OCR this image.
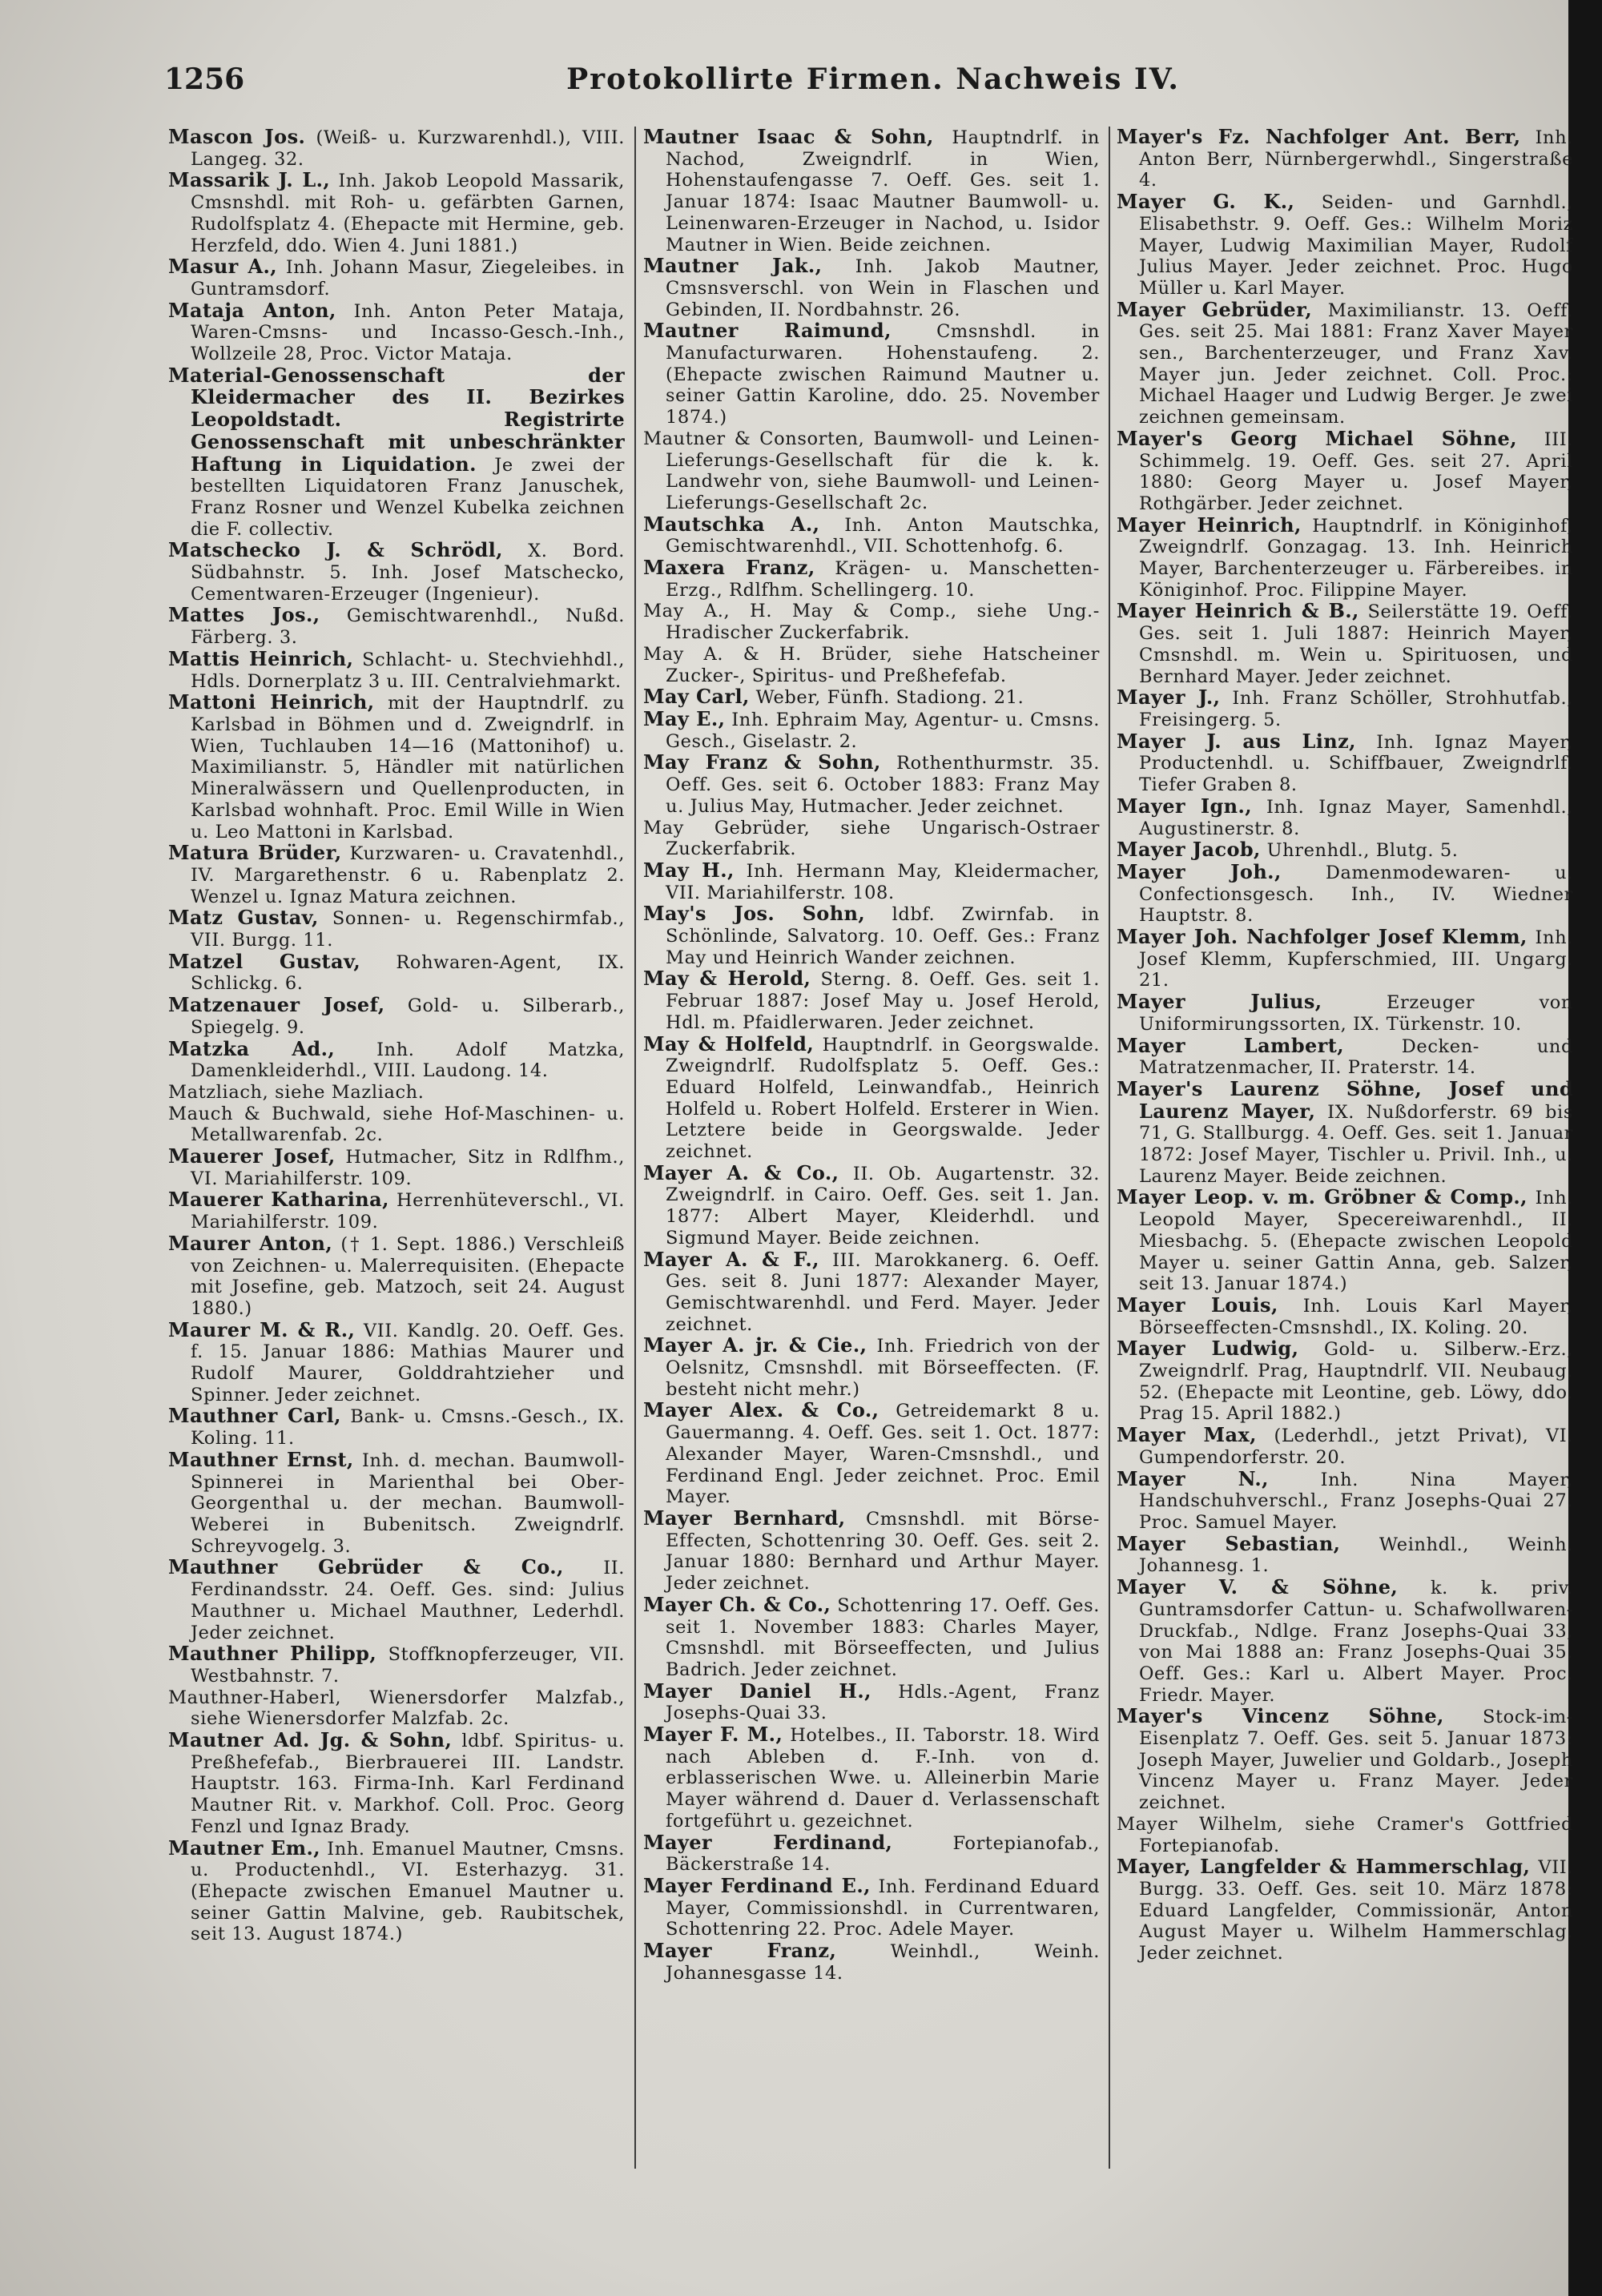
1256	Protokollirte Firmen. Nachweis IV.

Mascon Jos. (Weiß- u. Kurzwarenhdl.), VIII. Langeg. 32.

Massarik J. L., Inh. Jakob Leopold Massarik, Cmsnshdl. mit Roh- u. gefärbten Garnen, Rudolfsplatz 4. (Ehepacte mit Hermine, geb. Herzfeld, ddo. Wien 4. Juni 1881.)

Masur A., Inh. Johann Masur, Ziegeleibes. in Guntramsdorf.

Mataja Anton, Inh. Anton Peter Mataja, Waren-Cmsns- und Incasso-Gesch.-Inh., Wollzeile 28, Proc. Victor Mataja.

Material-Genossenschaft der Kleidermacher des II. Bezirkes Leopoldstadt. Registrirte Genossenschaft mit unbeschränkter Haftung in Liquidation. Je zwei der bestellten Liquidatoren Franz Januschek, Franz Rosner und Wenzel Kubelka zeichnen die F. collectiv.

Matschecko J. & Schrödl, X. Bord. Südbahnstr. 5. Inh. Josef Matschecko, Cementwaren-Erzeuger (Ingenieur).

Mattes Jos., Gemischtwarenhdl., Nußd. Färberg. 3.

Mattis Heinrich, Schlacht- u. Stechviehhdl., Hdls. Dornerplatz 3 u. III. Centralviehmarkt.

Mattoni Heinrich, mit der Hauptndrlf. zu Karlsbad in Böhmen und d. Zweigndrlf. in Wien, Tuchlauben 14—16 (Mattonihof) u. Maximilianstr. 5, Händler mit natürlichen Mineralwässern und Quellenproducten, in Karlsbad wohnhaft. Proc. Emil Wille in Wien u. Leo Mattoni in Karlsbad.

Matura Brüder, Kurzwaren- u. Cravatenhdl., IV. Margarethenstr. 6 u. Rabenplatz 2. Wenzel u. Ignaz Matura zeichnen.

Matz Gustav, Sonnen- u. Regenschirmfab., VII. Burgg. 11.

Matzel Gustav, Rohwaren-Agent, IX. Schlickg. 6.

Matzenauer Josef, Gold- u. Silberarb., Spiegelg. 9.

Matzka Ad., Inh. Adolf Matzka, Damenkleiderhdl., VIII. Laudong. 14.

Matzliach, siehe Mazliach.

Mauch & Buchwald, siehe Hof-Maschinen- u. Metallwarenfab. 2c.

Mauerer Josef, Hutmacher, Sitz in Rdlfhm., VI. Mariahilferstr. 109.

Mauerer Katharina, Herrenhüteverschl., VI. Mariahilferstr. 109.

Maurer Anton, († 1. Sept. 1886.) Verschleiß von Zeichnen- u. Malerrequisiten. (Ehepacte mit Josefine, geb. Matzoch, seit 24. August 1880.)

Maurer M. & R., VII. Kandlg. 20. Oeff. Ges. f. 15. Januar 1886: Mathias Maurer und Rudolf Maurer, Golddrahtzieher und Spinner. Jeder zeichnet.

Mauthner Carl, Bank- u. Cmsns.-Gesch., IX. Koling. 11.

Mauthner Ernst, Inh. d. mechan. Baumwoll-Spinnerei in Marienthal bei Ober-Georgenthal u. der mechan. Baumwoll-Weberei in Bubenitsch. Zweigndrlf. Schreyvogelg. 3.

Mauthner Gebrüder & Co., II. Ferdinandsstr. 24. Oeff. Ges. sind: Julius Mauthner u. Michael Mauthner, Lederhdl. Jeder zeichnet.

Mauthner Philipp, Stoffknopferzeuger, VII. Westbahnstr. 7.

Mauthner-Haberl, Wienersdorfer Malzfab., siehe Wienersdorfer Malzfab. 2c.

Mautner Ad. Jg. & Sohn, ldbf. Spiritus- u. Preßhefefab., Bierbrauerei III. Landstr. Hauptstr. 163. Firma-Inh. Karl Ferdinand Mautner Rit. v. Markhof. Coll. Proc. Georg Fenzl und Ignaz Brady.

Mautner Em., Inh. Emanuel Mautner, Cmsns. u. Productenhdl., VI. Esterhazyg. 31. (Ehepacte zwischen Emanuel Mautner u. seiner Gattin Malvine, geb. Raubitschek, seit 13. August 1874.)

Mautner Isaac & Sohn, Hauptndrlf. in Nachod, Zweigndrlf. in Wien, Hohenstaufengasse 7. Oeff. Ges. seit 1. Januar 1874: Isaac Mautner Baumwoll- u. Leinenwaren-Erzeuger in Nachod, u. Isidor Mautner in Wien. Beide zeichnen.

Mautner Jak., Inh. Jakob Mautner, Cmsnsverschl. von Wein in Flaschen und Gebinden, II. Nordbahnstr. 26.

Mautner Raimund, Cmsnshdl. in Manufacturwaren. Hohenstaufeng. 2. (Ehepacte zwischen Raimund Mautner u. seiner Gattin Karoline, ddo. 25. November 1874.)

Mautner & Consorten, Baumwoll- und Leinen-Lieferungs-Gesellschaft für die k. k. Landwehr von, siehe Baumwoll- und Leinen-Lieferungs-Gesellschaft 2c.

Mautschka A., Inh. Anton Mautschka, Gemischtwarenhdl., VII. Schottenhofg. 6.

Maxera Franz, Krägen- u. Manschetten-Erzg., Rdlfhm. Schellingerg. 10.

May A., H. May & Comp., siehe Ung.-Hradischer Zuckerfabrik.

May A. & H. Brüder, siehe Hatscheiner Zucker-, Spiritus- und Preßhefefab.

May Carl, Weber, Fünfh. Stadiong. 21.

May E., Inh. Ephraim May, Agentur- u. Cmsns. Gesch., Giselastr. 2.

May Franz & Sohn, Rothenthurmstr. 35. Oeff. Ges. seit 6. October 1883: Franz May u. Julius May, Hutmacher. Jeder zeichnet.

May Gebrüder, siehe Ungarisch-Ostraer Zuckerfabrik.

May H., Inh. Hermann May, Kleidermacher, VII. Mariahilferstr. 108.

May's Jos. Sohn, ldbf. Zwirnfab. in Schönlinde, Salvatorg. 10. Oeff. Ges.: Franz May und Heinrich Wander zeichnen.

May & Herold, Sterng. 8. Oeff. Ges. seit 1. Februar 1887: Josef May u. Josef Herold, Hdl. m. Pfaidlerwaren. Jeder zeichnet.

May & Holfeld, Hauptndrlf. in Georgswalde. Zweigndrlf. Rudolfsplatz 5. Oeff. Ges.: Eduard Holfeld, Leinwandfab., Heinrich Holfeld u. Robert Holfeld. Ersterer in Wien. Letztere beide in Georgswalde. Jeder zeichnet.

Mayer A. & Co., II. Ob. Augartenstr. 32. Zweigndrlf. in Cairo. Oeff. Ges. seit 1. Jan. 1877: Albert Mayer, Kleiderhdl. und Sigmund Mayer. Beide zeichnen.

Mayer A. & F., III. Marokkanerg. 6. Oeff. Ges. seit 8. Juni 1877: Alexander Mayer, Gemischtwarenhdl. und Ferd. Mayer. Jeder zeichnet.

Mayer A. jr. & Cie., Inh. Friedrich von der Oelsnitz, Cmsnshdl. mit Börseeffecten. (F. besteht nicht mehr.)

Mayer Alex. & Co., Getreidemarkt 8 u. Gauermanng. 4. Oeff. Ges. seit 1. Oct. 1877: Alexander Mayer, Waren-Cmsnshdl., und Ferdinand Engl. Jeder zeichnet. Proc. Emil Mayer.

Mayer Bernhard, Cmsnshdl. mit Börse-Effecten, Schottenring 30. Oeff. Ges. seit 2. Januar 1880: Bernhard und Arthur Mayer. Jeder zeichnet.

Mayer Ch. & Co., Schottenring 17. Oeff. Ges. seit 1. November 1883: Charles Mayer, Cmsnshdl. mit Börseeffecten, und Julius Badrich. Jeder zeichnet.

Mayer Daniel H., Hdls.-Agent, Franz Josephs-Quai 33.

Mayer F. M., Hotelbes., II. Taborstr. 18. Wird nach Ableben d. F.-Inh. von d. erblasserischen Wwe. u. Alleinerbin Marie Mayer während d. Dauer d. Verlassenschaft fortgeführt u. gezeichnet.

Mayer Ferdinand,	Fortepianofab., Bäckerstraße 14.

Mayer Ferdinand E., Inh. Ferdinand Eduard Mayer, Commissionshdl. in Currentwaren, Schottenring 22. Proc. Adele Mayer.

Mayer Franz,	Weinhdl., Weinh. Johannesgasse 14.

Mayer's Fz. Nachfolger Ant. Berr, Inh. Anton Berr, Nürnbergerwhdl., Singerstraße 4.

Mayer G. K., Seiden- und Garnhdl., Elisabethstr. 9. Oeff. Ges.: Wilhelm Moriz Mayer, Ludwig Maximilian Mayer, Rudolf Julius Mayer. Jeder zeichnet. Proc. Hugo Müller u. Karl Mayer.

Mayer Gebrüder, Maximilianstr. 13. Oeff. Ges. seit 25. Mai 1881: Franz Xaver Mayer sen., Barchenterzeuger, und Franz Xav. Mayer jun. Jeder zeichnet. Coll. Proc.: Michael Haager und Ludwig Berger. Je zwei zeichnen gemeinsam.

Mayer's Georg Michael Söhne, III. Schimmelg. 19. Oeff. Ges. seit 27. April 1880: Georg Mayer u. Josef Mayer, Rothgärber. Jeder zeichnet.

Mayer Heinrich, Hauptndrlf. in Königinhof, Zweigndrlf. Gonzagag. 13. Inh. Heinrich Mayer, Barchenterzeuger u. Färbereibes. in Königinhof. Proc. Filippine Mayer.

Mayer Heinrich & B., Seilerstätte 19. Oeff. Ges. seit 1. Juli 1887: Heinrich Mayer, Cmsnshdl. m. Wein u. Spirituosen, und Bernhard Mayer. Jeder zeichnet.

Mayer J., Inh. Franz Schöller, Strohhutfab., Freisingerg. 5.

Mayer J. aus Linz, Inh. Ignaz Mayer, Productenhdl. u. Schiffbauer, Zweigndrlf. Tiefer Graben 8.

Mayer Ign., Inh. Ignaz Mayer, Samenhdl., Augustinerstr. 8.

Mayer Jacob, Uhrenhdl., Blutg. 5.

Mayer Joh., Damenmodewaren- u. Confectionsgesch. Inh., IV. Wiedner Hauptstr. 8.

Mayer Joh. Nachfolger Josef Klemm, Inh. Josef Klemm, Kupferschmied, III. Ungarg. 21.

Mayer Julius,	Erzeuger von Uniformirungssorten, IX. Türkenstr. 10.

Mayer Lambert,	Decken- und Matratzenmacher, II. Praterstr. 14.

Mayer's Laurenz Söhne, Josef und Laurenz Mayer, IX. Nußdorferstr. 69 bis 71, G. Stallburgg. 4. Oeff. Ges. seit 1. Januar 1872: Josef Mayer, Tischler u. Privil. Inh., u. Laurenz Mayer. Beide zeichnen.

Mayer Leop. v. m. Gröbner & Comp., Inh. Leopold Mayer, Specereiwarenhdl., II. Miesbachg. 5. (Ehepacte zwischen Leopold Mayer u. seiner Gattin Anna, geb. Salzer, seit 13. Januar 1874.)

Mayer Louis, Inh. Louis Karl Mayer, Börseeffecten-Cmsnshdl., IX. Koling. 20.

Mayer Ludwig, Gold- u. Silberw.-Erz., Zweigndrlf. Prag, Hauptndrlf. VII. Neubaug. 52. (Ehepacte mit Leontine, geb. Löwy, ddo. Prag 15. April 1882.)

Mayer Max, (Lederhdl., jetzt Privat), VI. Gumpendorferstr. 20.

Mayer N.,	Inh. Nina Mayer, Handschuhverschl., Franz Josephs-Quai 27. Proc. Samuel Mayer.

Mayer Sebastian, Weinhdl., Weinh. Johannesg. 1.

Mayer V. & Söhne, k. k. priv. Guntramsdorfer Cattun- u. Schafwollwaren-Druckfab., Ndlge. Franz Josephs-Quai 33, von Mai 1888 an: Franz Josephs-Quai 35. Oeff. Ges.: Karl u. Albert Mayer. Proc. Friedr. Mayer.

Mayer's Vincenz Söhne, Stock-im-Eisenplatz 7. Oeff. Ges. seit 5. Januar 1873: Joseph Mayer, Juwelier und Goldarb., Joseph Vincenz Mayer u. Franz Mayer. Jeder zeichnet.

Mayer Wilhelm, siehe Cramer's Gottfried Fortepianofab.

Mayer, Langfelder & Hammerschlag, VII. Burgg. 33. Oeff. Ges. seit 10. März 1878: Eduard Langfelder, Commissionär, Anton August Mayer u. Wilhelm Hammerschlag. Jeder zeichnet.
